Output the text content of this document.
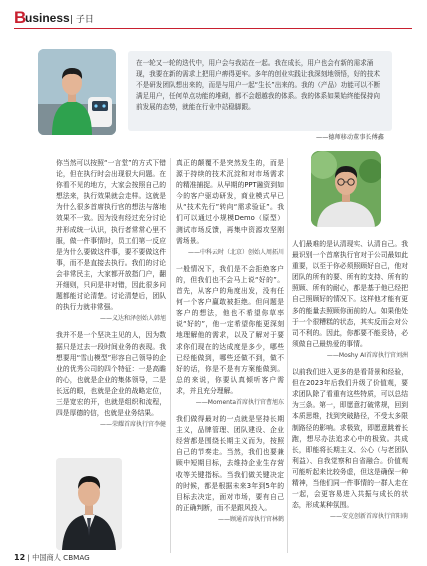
B
usiness | 子日
在一轮又一轮的迭代中，用户会与我站在一起。我在成长，用户也会有新的需求涌现，我要在新的需求上把用户痹得更牢。多年的创业实践让我深刻地领悟，好的技术不是研发团队想出来的，而是与用户一起“生长”出来的。我的（产品）功能可以不断满足用户，任何单点功能的堆砌，都不会超越我的体系。我的体系如果始终能保持向前发展的态势，就能在行业中站稳脚跟。
——德师移动董事长傅鑫

你当然可以按照“一言堂”的方式下错论，但在执行时会出现很大问题。在你看不见的地方，大家会按照自己的想法来，执行效果就会走样。这就是为什么很多首席执行官的想法与落地效果不一致。因为没有经过充分讨论并形成统一认识，执行者常常心里不服，做一件事情时，员工们第一反应是为什么要做这件事，要不要做这件事，而不是直接去执行。我们的讨论会非常民主，大家都开放指门户，翻开细则，只问是非对错，因此很多问题都能讨论清楚。讨论清楚后，团队的执行力就非常强。

——义达和泽创始人韩旭

我并不是一个坚决主见的人，因为数据只是过去一段时间业务的表现。我想要用“雪山模型”形容自己领导的企业的优秀公司的四个特征：一是高瞻的心，也就是企业的集体领导，二是长远的眼，也就是企业的战略定位，三是宽宏的开，也就是组织和流程，四是厚德的信，也就是业务结果。

——荣耀首席执行官李健

真正的颠覆不是突然发生的，而是源于持续的技术沉淀和对市场需求的精准捕捉。从早期的PPT融资到如今的客户驱动研发，商业模式早已从“技术先行”转向“需求验证”。我们可以通过小规模Demo（原型）测试市场反馈，再集中资源攻坚刚需场景。

——中科云时（北京）创始人周拓川

一般情况下，我们是不会拒绝客户的，但我们也不会马上说“好的”。首先，从客户的角度出发，没有任何一个客户赢敢被拒绝。但问题是客户的想法，他也不希望你草率说“好的”，他一定希望你能更深刻地理解他的需求，以及了解对于要求你们现在的达成度是多少，哪些已经能做到，哪些还做不到，做不好的话，你是不是有方案能做到。总的来说，你要认真倾听客户需求，并且充分理解。

——Momenta首席执行官曹旭东

我们做得最对的一点就是坚持长期主义，品牌管理、团队建设、企业经营都是围绕长期主义而为，按照自己的节奏走。当然，我们也要兼顾中短期目标，去维持企业生存营收等关键指标。当我们做关键决定的时候，都是根据未来3年到5年的目标去决定，面对市场，要有自己的正确判断，而不是跟风投入。

——顾通首席执行官林鹤

人们最难的是认清现实、认清自己。我最识别一个首席执行官对于公司最如此重要，以至于你必须照顾好自己，他对团队的所有的要、所有的支持、所有的照顾、所有的耐心，都是基于他已经把自己照顾好的情况下。这样他才能有更多的能量去照顾你面前的人。如果他处于一个很糟糕的状态，其实反而会对公司不利的。因此，你都要不能妥协，必须做自己最热爱的事情。

——Moshy AI首席执行官刘洲

以前我们进入更多的是看背景和经验，但在2023年后我们升级了价值观，要求团队除了看重有这些特质，可以总结为三条。第一，即愿意打破常规，回到本质思维，找到突破路径，不受太多限制路径的影响。求极致，即愿意跳着长跑，想尽办法追求心中的极致。共成长，即能将长期主义、公心（与老团队利益）、自我觉察和自省融合。价值观可能听起来比较务虚，但这是确保一种精神，当他们同一件事情的一群人走在一起，会更容易进入共振与成长的状态，形成某种氛围。

——安克创新首席执行官阳萌

12 | 中国商人 CBMAG
